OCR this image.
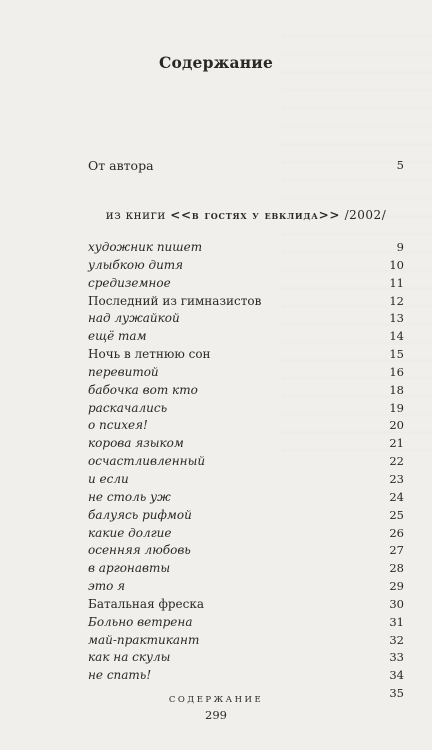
Содержание
От автора	5
из книги <<в гостях у евклида>> /2002/
художник пишет	9
улыбкою дитя	10
средиземное	11
Последний из гимназистов	12
над лужайкой	13
ещё там	14
Ночь в летнюю сон	15
перевитой	16
бабочка вот кто	18
раскачались	19
о психея!	20
корова языком	21
осчастливленный	22
и если	23
не столь уж	24
балуясь рифмой	25
какие долгие	26
осенняя любовь	27
в аргонавты	28
это я	29
Батальная фреска	30
Больно ветрена	31
май-практикант	32
как на скулы	33
не спать!	34
35
СОДЕРЖАНИЕ
299
